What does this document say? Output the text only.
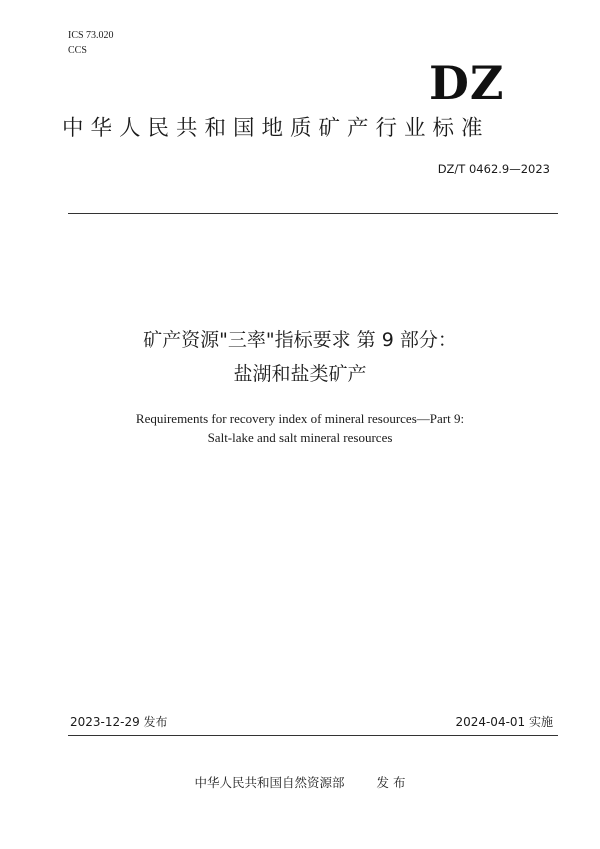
ICS 73.020
CCS
DZ
中华人民共和国地质矿产行业标准
DZ/T 0462.9—2023
矿产资源"三率"指标要求 第 9 部分：
盐湖和盐类矿产
Requirements for recovery index of mineral resources—Part 9:
Salt-lake and salt mineral resources
2023-12-29 发布	2024-04-01 实施
中华人民共和国自然资源部	发 布
